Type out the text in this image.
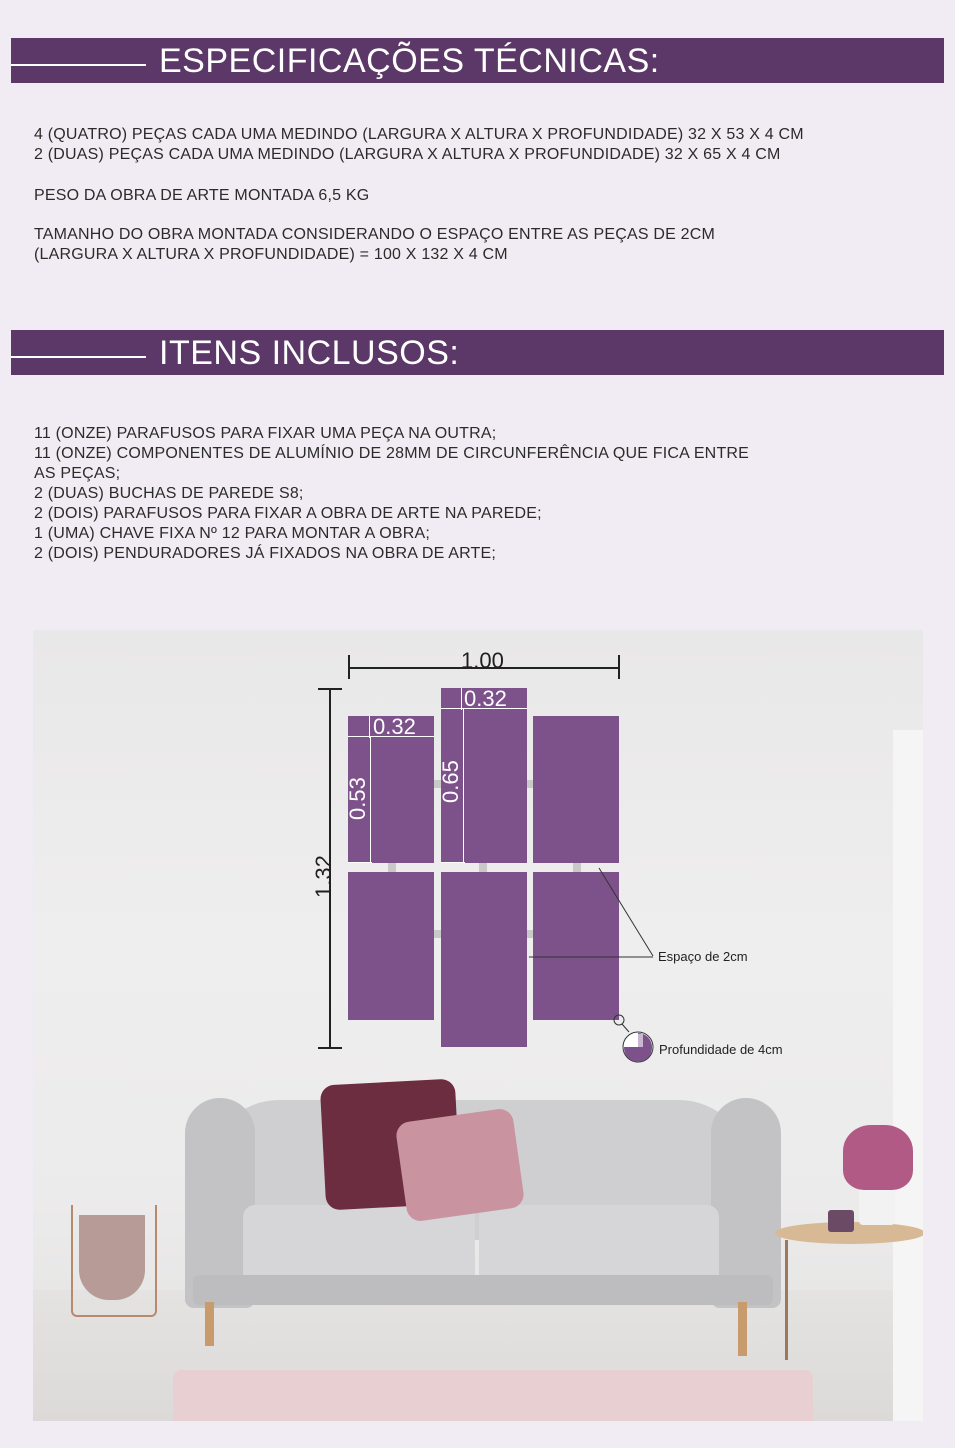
ESPECIFICAÇÕES TÉCNICAS:

4 (QUATRO) PEÇAS CADA UMA MEDINDO (LARGURA X ALTURA X PROFUNDIDADE) 32 X 53 X 4 CM

2 (DUAS) PEÇAS CADA UMA MEDINDO (LARGURA X ALTURA X PROFUNDIDADE) 32 X 65 X 4 CM

PESO DA OBRA DE ARTE MONTADA 6,5 KG

TAMANHO DO OBRA MONTADA CONSIDERANDO O ESPAÇO ENTRE AS PEÇAS DE 2CM

(LARGURA X ALTURA X PROFUNDIDADE) = 100 X 132 X 4 CM

ITENS INCLUSOS:

11 (ONZE) PARAFUSOS PARA FIXAR UMA PEÇA NA OUTRA;

11 (ONZE) COMPONENTES DE ALUMÍNIO DE 28MM DE CIRCUNFERÊNCIA QUE FICA ENTRE

AS PEÇAS;

2 (DUAS) BUCHAS DE PAREDE S8;

2 (DOIS) PARAFUSOS PARA FIXAR A OBRA DE ARTE NA PAREDE;

1 (UMA) CHAVE FIXA Nº 12 PARA MONTAR A OBRA;

2 (DOIS) PENDURADORES JÁ FIXADOS NA OBRA DE ARTE;

1.00
1.32
0.32
0.32
0.53	0.65
Espaço de 2cm
Profundidade de 4cm
